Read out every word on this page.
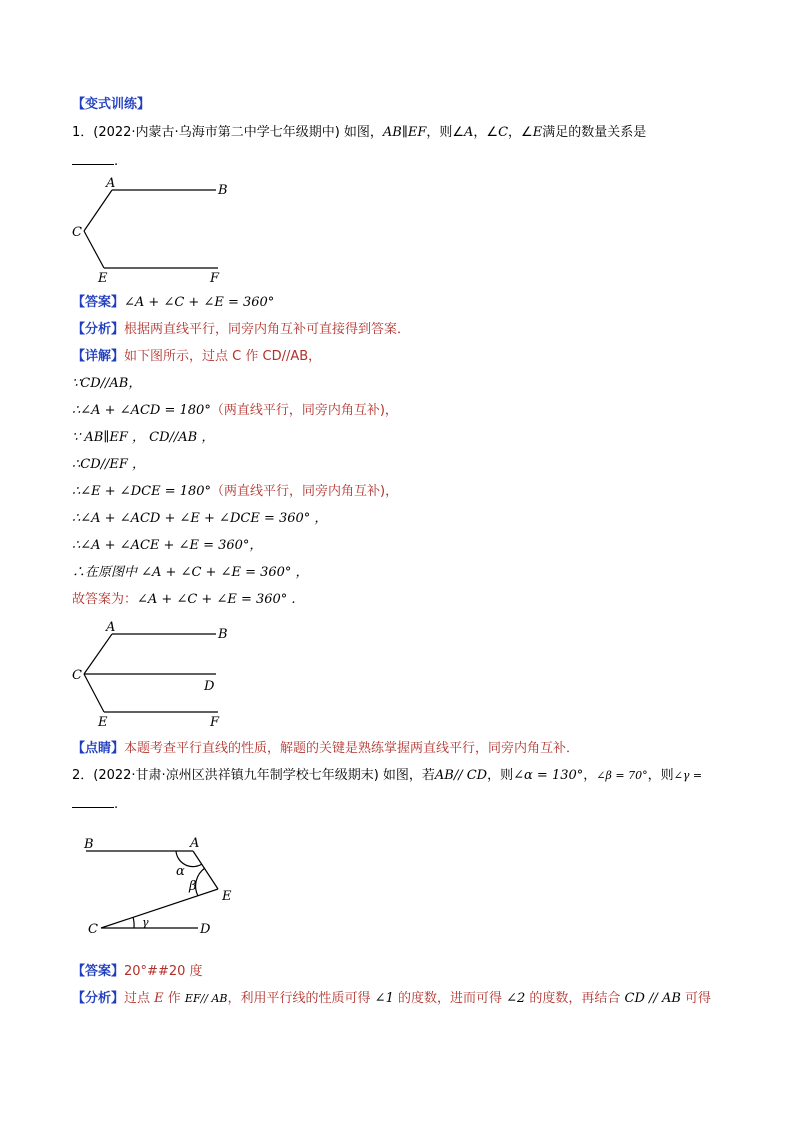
【变式训练】
1．(2022·内蒙古·乌海市第二中学七年级期中) 如图，AB∥EF，则∠A，∠C，∠E满足的数量关系是
.
A	B
C
E	F
【答案】∠A + ∠C + ∠E = 360°
【分析】根据两直线平行，同旁内角互补可直接得到答案．
【详解】如下图所示，过点 C 作 CD//AB，
∵CD//AB，
∴∠A + ∠ACD = 180°（两直线平行，同旁内角互补)，
∵ AB∥EF ， CD//AB ，
∴CD//EF ，
∴∠E + ∠DCE = 180°（两直线平行，同旁内角互补)，
∴∠A + ∠ACD + ∠E + ∠DCE = 360° ，
∴∠A + ∠ACE + ∠E = 360°，
∴在原图中 ∠A + ∠C + ∠E = 360° ，
故答案为：∠A + ∠C + ∠E = 360° .
A	B
C
D
E	F
【点睛】本题考查平行直线的性质，解题的关键是熟练掌握两直线平行，同旁内角互补．
2．(2022·甘肃·凉州区洪祥镇九年制学校七年级期末) 如图，若AB// CD，则∠α = 130°，∠β = 70°，则∠γ =
.
B	A
α
β
E
C	γ	D
【答案】20°##20 度
【分析】过点 E 作 EF// AB，利用平行线的性质可得 ∠1 的度数，进而可得 ∠2 的度数，再结合 CD // AB 可得
